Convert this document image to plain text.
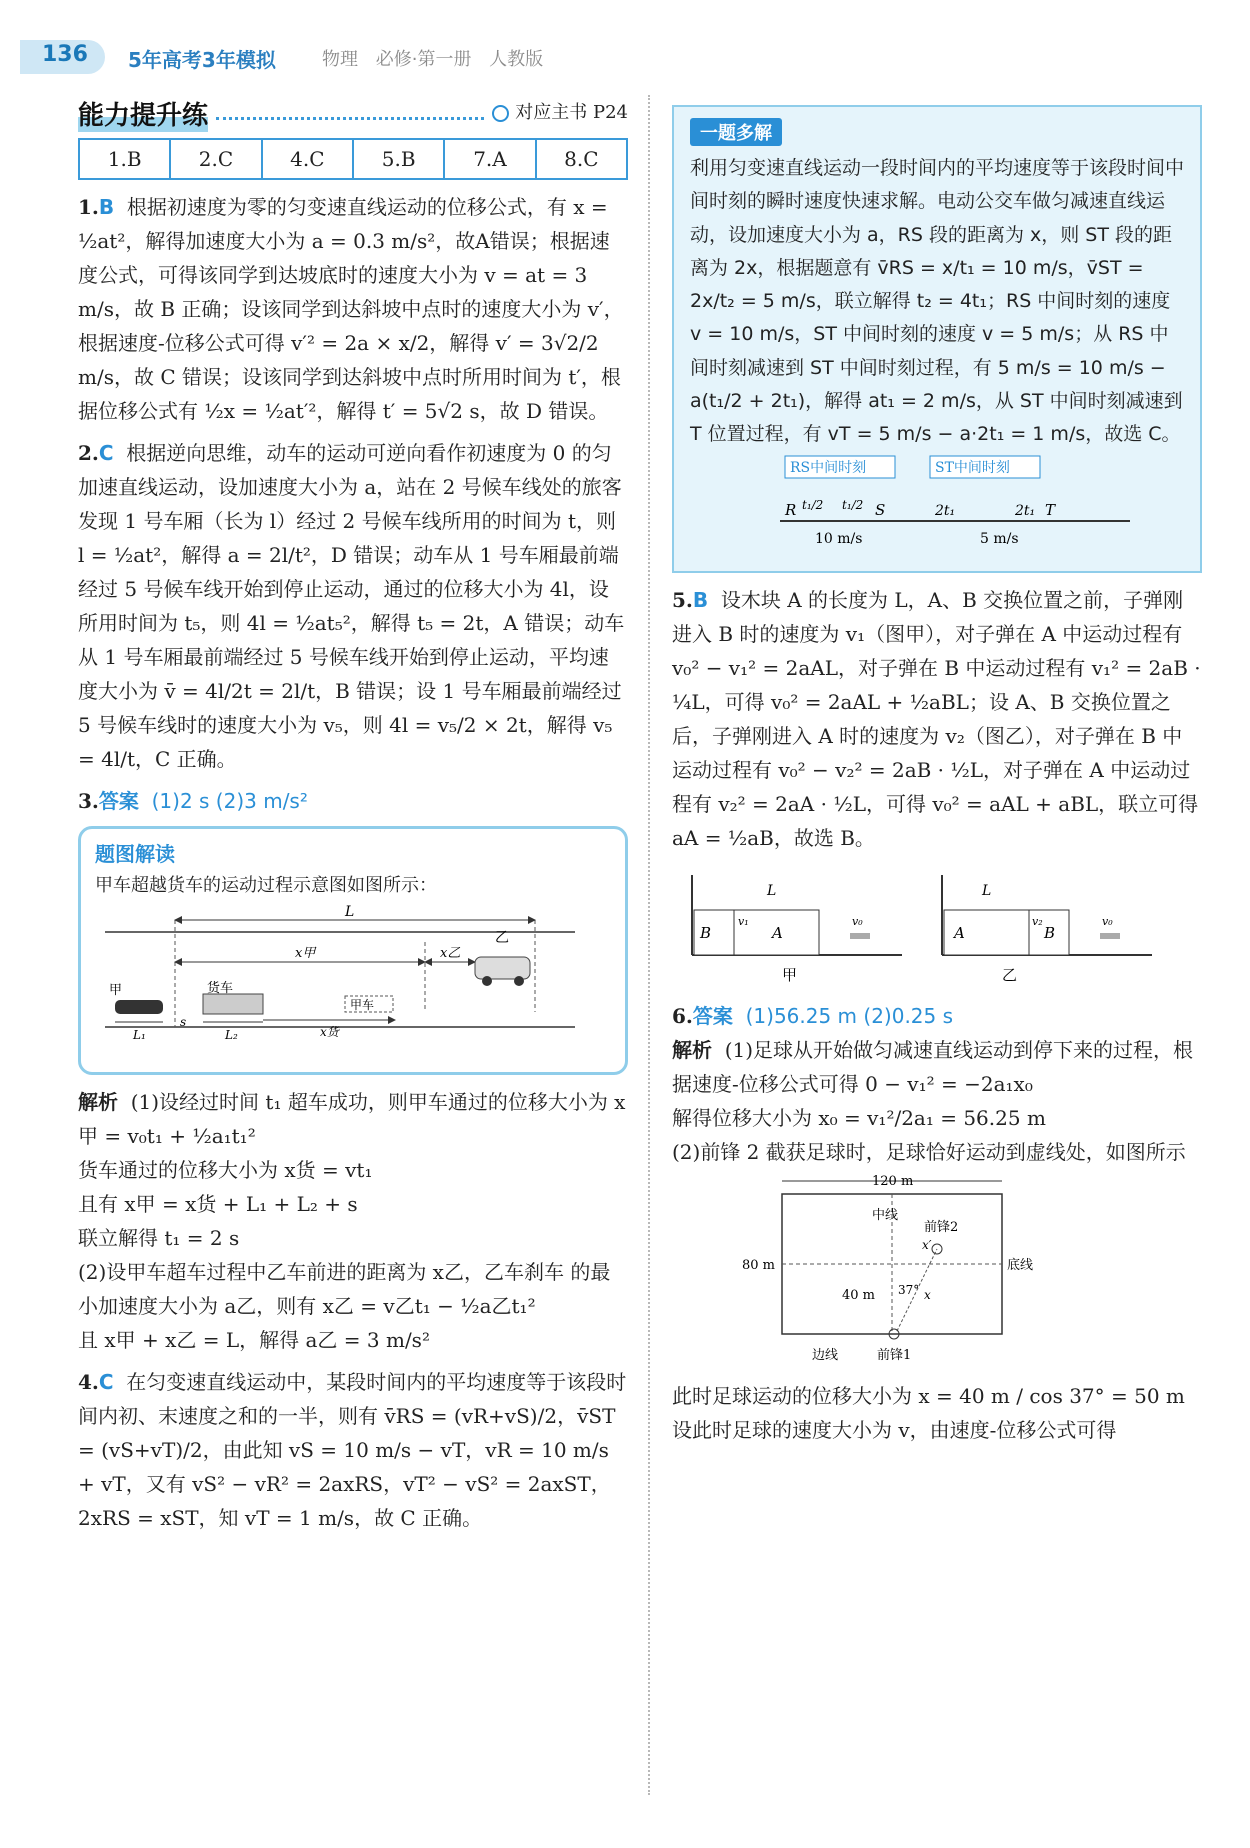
136 5年高考3年模拟	物理 必修·第一册 人教版
能力提升练	对应主书 P24
1.B	2.C	4.C	5.B	7.A	8.C

1.B 根据初速度为零的匀变速直线运动的位移公式，有 x = ½at²，解得加速度大小为 a = 0.3 m/s²，故A错误；根据速度公式，可得该同学到达坡底时的速度大小为 v = at = 3 m/s，故 B 正确；设该同学到达斜坡中点时的速度大小为 v′，根据速度-位移公式可得 v′² = 2a × x/2，解得 v′ = 3√2/2 m/s，故 C 错误；设该同学到达斜坡中点时所用时间为 t′，根据位移公式有 ½x = ½at′²，解得 t′ = 5√2 s，故 D 错误。

2.C 根据逆向思维，动车的运动可逆向看作初速度为 0 的匀加速直线运动，设加速度大小为 a，站在 2 号候车线处的旅客发现 1 号车厢（长为 l）经过 2 号候车线所用的时间为 t，则 l = ½at²，解得 a = 2l/t²，D 错误；动车从 1 号车厢最前端经过 5 号候车线开始到停止运动，通过的位移大小为 4l，设所用时间为 t₅，则 4l = ½at₅²，解得 t₅ = 2t，A 错误；动车从 1 号车厢最前端经过 5 号候车线开始到停止运动，平均速度大小为 v̄ = 4l/2t = 2l/t，B 错误；设 1 号车厢最前端经过 5 号候车线时的速度大小为 v₅，则 4l = v₅/2 × 2t，解得 v₅ = 4l/t，C 正确。

3.答案 (1)2 s (2)3 m/s²

题图解读

甲车超越货车的运动过程示意图如图所示：

L
x甲	x乙
乙
甲	货车
甲车
L₁
s
L₂	x货

解析 (1)设经过时间 t₁ 超车成功，则甲车通过的位移大小为 x甲 = v₀t₁ + ½a₁t₁²

货车通过的位移大小为 x货 = vt₁

且有 x甲 = x货 + L₁ + L₂ + s

联立解得 t₁ = 2 s

(2)设甲车超车过程中乙车前进的距离为 x乙，乙车刹车 的最小加速度大小为 a乙，则有 x乙 = v乙t₁ − ½a乙t₁²

且 x甲 + x乙 = L，解得 a乙 = 3 m/s²

4.C 在匀变速直线运动中，某段时间内的平均速度等于该段时间内初、末速度之和的一半，则有 v̄RS = (vR+vS)/2，v̄ST = (vS+vT)/2，由此知 vS = 10 m/s − vT，vR = 10 m/s + vT，又有 vS² − vR² = 2axRS，vT² − vS² = 2axST，2xRS = xST，知 vT = 1 m/s，故 C 正确。

一题多解

利用匀变速直线运动一段时间内的平均速度等于该段时间中间时刻的瞬时速度快速求解。电动公交车做匀减速直线运动，设加速度大小为 a，RS 段的距离为 x，则 ST 段的距离为 2x，根据题意有 v̄RS = x/t₁ = 10 m/s，v̄ST = 2x/t₂ = 5 m/s，联立解得 t₂ = 4t₁；RS 中间时刻的速度 v = 10 m/s，ST 中间时刻的速度 v = 5 m/s；从 RS 中间时刻减速到 ST 中间时刻过程，有 5 m/s = 10 m/s − a(t₁/2 + 2t₁)，解得 at₁ = 2 m/s，从 ST 中间时刻减速到 T 位置过程，有 vT = 5 m/s − a·2t₁ = 1 m/s，故选 C。

RS中间时刻	ST中间时刻
R t₁/2 t₁/2 S	2t₁	2t₁ T
10 m/s	5 m/s

5.B 设木块 A 的长度为 L，A、B 交换位置之前，子弹刚进入 B 时的速度为 v₁（图甲），对子弹在 A 中运动过程有 v₀² − v₁² = 2aAL，对子弹在 B 中运动过程有 v₁² = 2aB · ¼L，可得 v₀² = 2aAL + ½aBL；设 A、B 交换位置之后，子弹刚进入 A 时的速度为 v₂（图乙），对子弹在 B 中运动过程有 v₀² − v₂² = 2aB · ½L，对子弹在 A 中运动过程有 v₂² = 2aA · ½L，可得 v₀² = aAL + aBL，联立可得 aA = ½aB，故选 B。

B	A
v₁
L
v₀
甲
A	B
v₂
L
v₀
乙

6.答案 (1)56.25 m (2)0.25 s

解析 (1)足球从开始做匀减速直线运动到停下来的过程，根据速度-位移公式可得 0 − v₁² = −2a₁x₀

解得位移大小为 x₀ = v₁²/2a₁ = 56.25 m

(2)前锋 2 截获足球时，足球恰好运动到虚线处，如图所示

120 m
中线
80 m	底线
前锋2
x′
x
37°
40 m
边线	前锋1

此时足球运动的位移大小为 x = 40 m / cos 37° = 50 m

设此时足球的速度大小为 v，由速度-位移公式可得
